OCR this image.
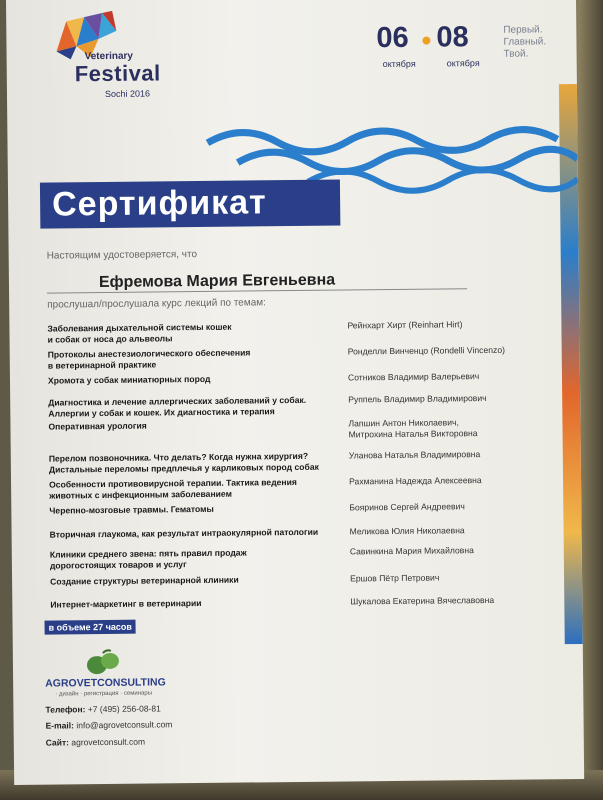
Veterinary
Festival
Sochi 2016
06 08
октября	октября
Первый.
Главный.
Твой.
Сертификат
Настоящим удостоверяется, что
Ефремова Мария Евгеньевна
прослушал/прослушала курс лекций по темам:
Заболевания дыхательной системы кошек
и собак от носа до альвеолы
Рейнхарт Хирт (Reinhart Hirt)
Протоколы анестезиологического обеспечения
в ветеринарной практике
Ронделли Винченцо (Rondelli Vincenzo)
Хромота у собак миниатюрных пород	Сотников Владимир Валерьевич
Диагностика и лечение аллергических заболеваний у собак.
Аллергии у собак и кошек. Их диагностика и терапия
Руппель Владимир Владимирович
Оперативная урология	Лапшин Антон Николаевич,
Митрохина Наталья Викторовна
Перелом позвоночника. Что делать? Когда нужна хирургия?
Дистальные переломы предплечья у карликовых пород собак
Уланова Наталья Владимировна
Особенности противовирусной терапии. Тактика ведения
животных с инфекционным заболеванием
Рахманина Надежда Алексеевна
Черепно-мозговые травмы. Гематомы	Бояринов Сергей Андреевич
Вторичная глаукома, как результат интраокулярной патологии	Меликова Юлия Николаевна
Клиники среднего звена: пять правил продаж
дорогостоящих товаров и услуг
Савинкина Мария Михайловна
Создание структуры ветеринарной клиники	Ершов Пётр Петрович
Интернет-маркетинг в ветеринарии	Шукалова Екатерина Вячеславовна
в объеме 27 часов
AGROVETCONSULTING
· дизайн · регистрация · семинары
Телефон: +7 (495) 256-08-81
E-mail: info@agrovetconsult.com
Сайт: agrovetconsult.com
